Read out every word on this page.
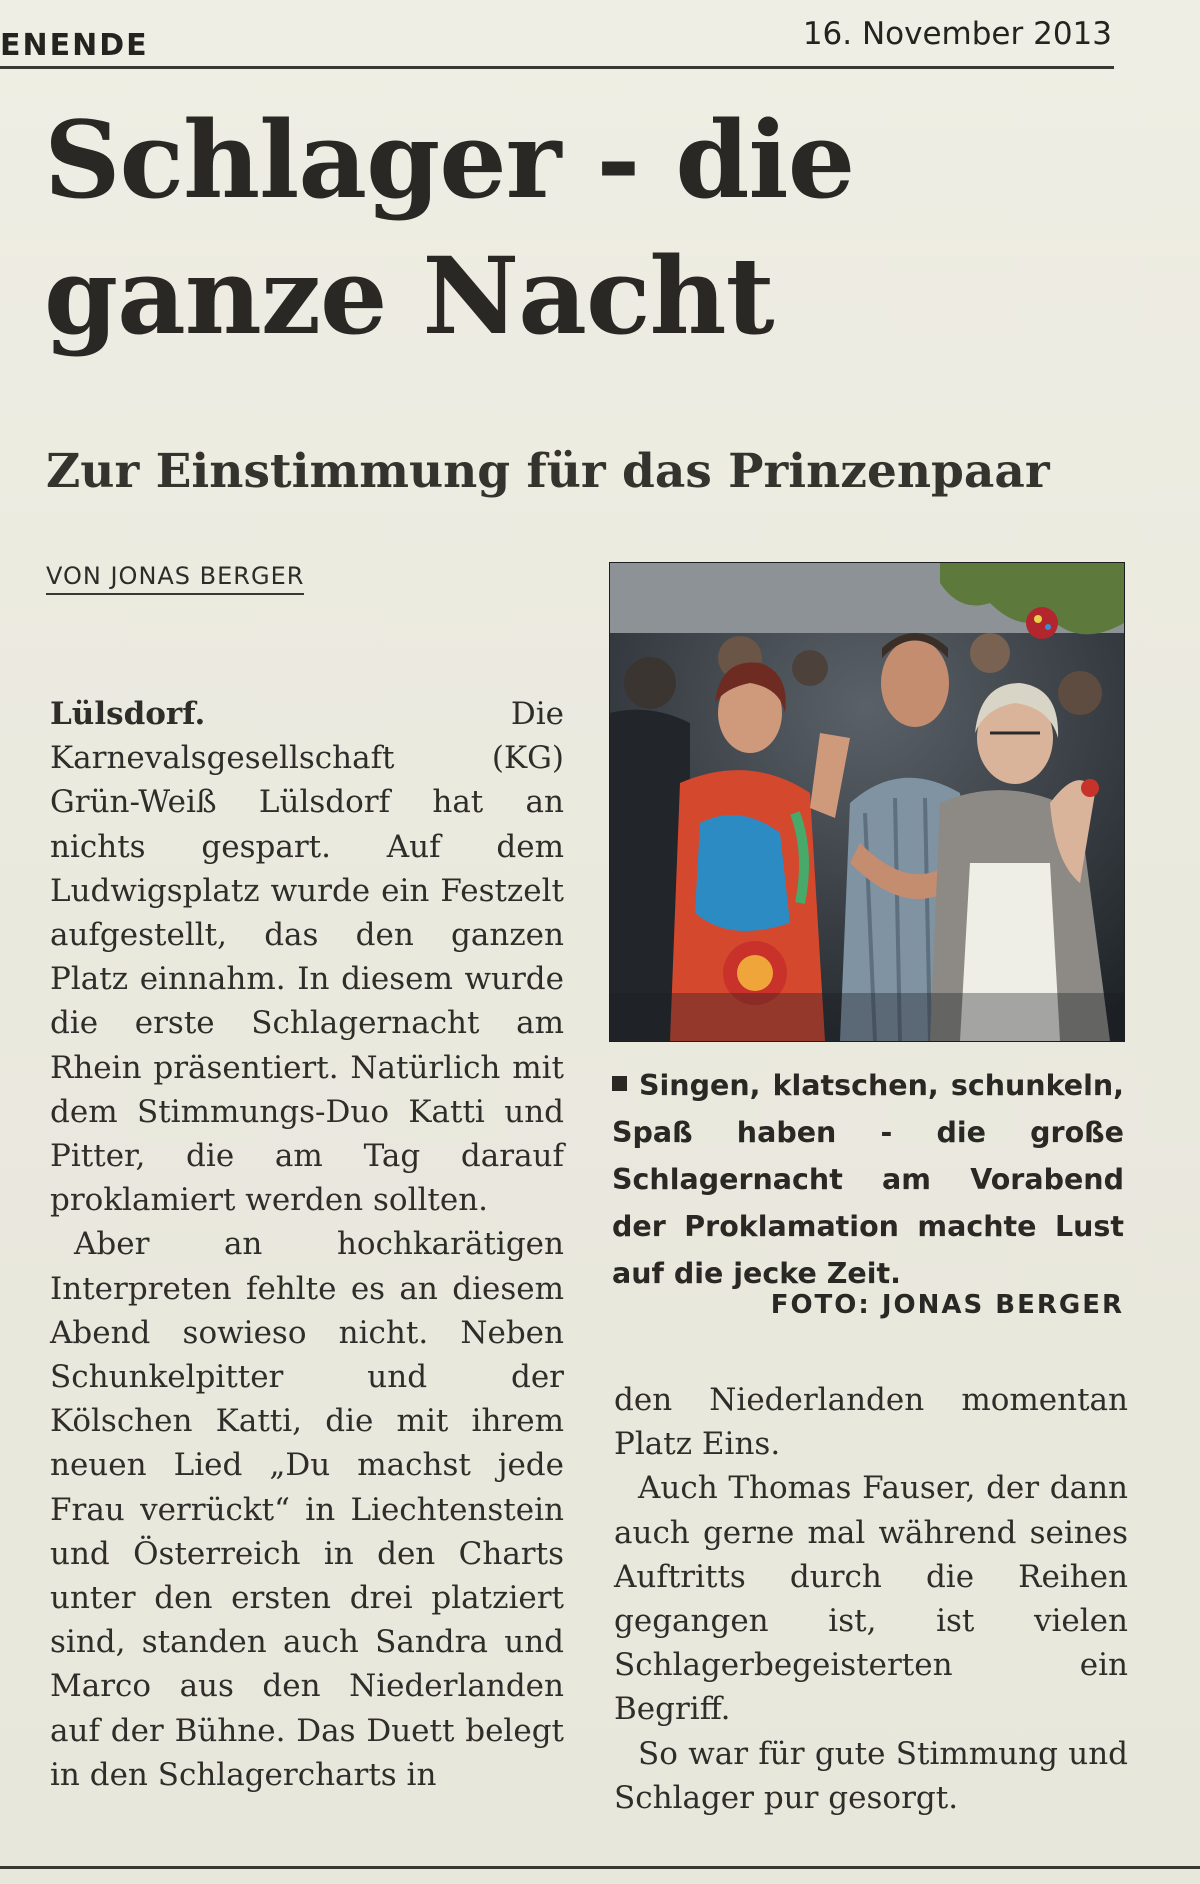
ENENDE	16. November 2013
Schlager - die
ganze Nacht
Zur Einstimmung für das Prinzenpaar
VON JONAS BERGER

Lülsdorf.	Die Karnevalsgesellschaft (KG) Grün-Weiß Lülsdorf hat an nichts gespart. Auf dem Ludwigsplatz wurde ein Festzelt aufgestellt, das den ganzen Platz einnahm. In diesem wurde die erste Schlagernacht am Rhein präsentiert. Natürlich mit dem Stimmungs-Duo Katti und Pitter, die am Tag darauf proklamiert werden sollten.

Aber an hochkarätigen Interpreten fehlte es an diesem Abend sowieso nicht. Neben Schunkelpitter und der Kölschen Katti, die mit ihrem neuen Lied „Du machst jede Frau verrückt“ in Liechtenstein und Österreich in den Charts unter den ersten drei platziert sind, standen auch Sandra und Marco aus den Niederlanden auf der Bühne. Das Duett belegt in den Schlagercharts in

Singen, klatschen, schunkeln, Spaß haben - die große Schlagernacht am Vorabend der Proklamation machte Lust auf die jecke Zeit.
FOTO: JONAS BERGER

den Niederlanden momentan Platz Eins.

Auch Thomas Fauser, der dann auch gerne mal während seines Auftritts durch die Reihen gegangen ist, ist vielen Schlagerbegeisterten ein Begriff.

So war für gute Stimmung und Schlager pur gesorgt.
